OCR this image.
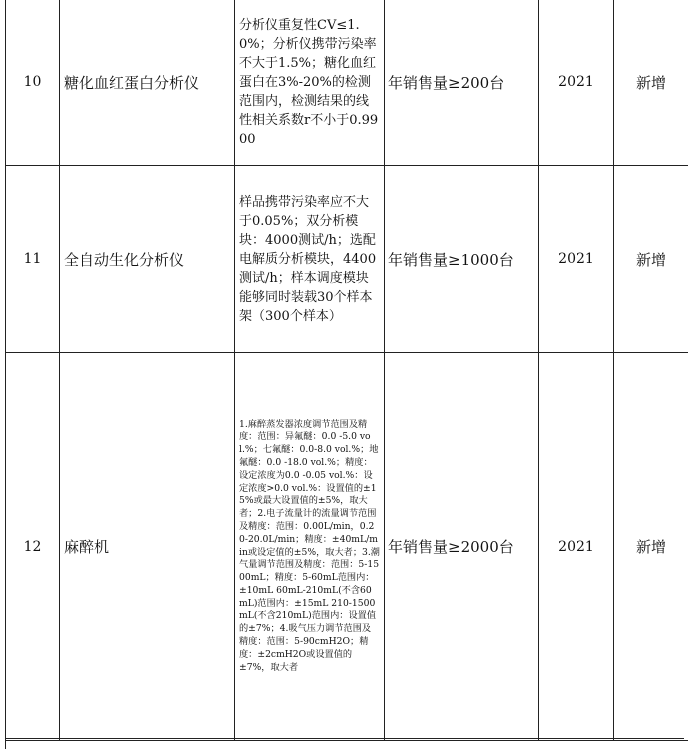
10	糖化血红蛋白分析仪	分析仪重复性CV≤1.0%；分析仪携带污染率不大于1.5%；糖化血红蛋白在3%-20%的检测范围内，检测结果的线性相关系数r不小于0.9900	年销售量≥200台	2021	新增
11	全自动生化分析仪	样品携带污染率应不大于0.05%；双分析模块：4000测试/h；选配电解质分析模块，4400测试/h；样本调度模块能够同时装载30个样本架（300个样本）	年销售量≥1000台	2021	新增
12	麻醉机	1.麻醉蒸发器浓度调节范围及精度：范围：异氟醚：0.0 -5.0 vol.%；七氟醚：0.0-8.0 vol.%；地氟醚：0.0 -18.0 vol.%；精度：设定浓度为0.0 -0.05 vol.%：设定浓度>0.0 vol.%：设置值的±15%或最大设置值的±5%，取大者；2.电子流量计的流量调节范围及精度：范围：0.00L/min，0.20-20.0L/min；精度：±40mL/min或设定值的±5%，取大者；3.潮气量调节范围及精度：范围：5-1500mL；精度：5-60mL范围内：±10mL 60mL-210mL(不含60mL)范围内：±15mL 210-1500mL(不含210mL)范围内：设置值的±7%；4.吸气压力调节范围及精度：范围：5-90cmH2O；精度：±2cmH2O或设置值的±7%，取大者	年销售量≥2000台	2021	新增
